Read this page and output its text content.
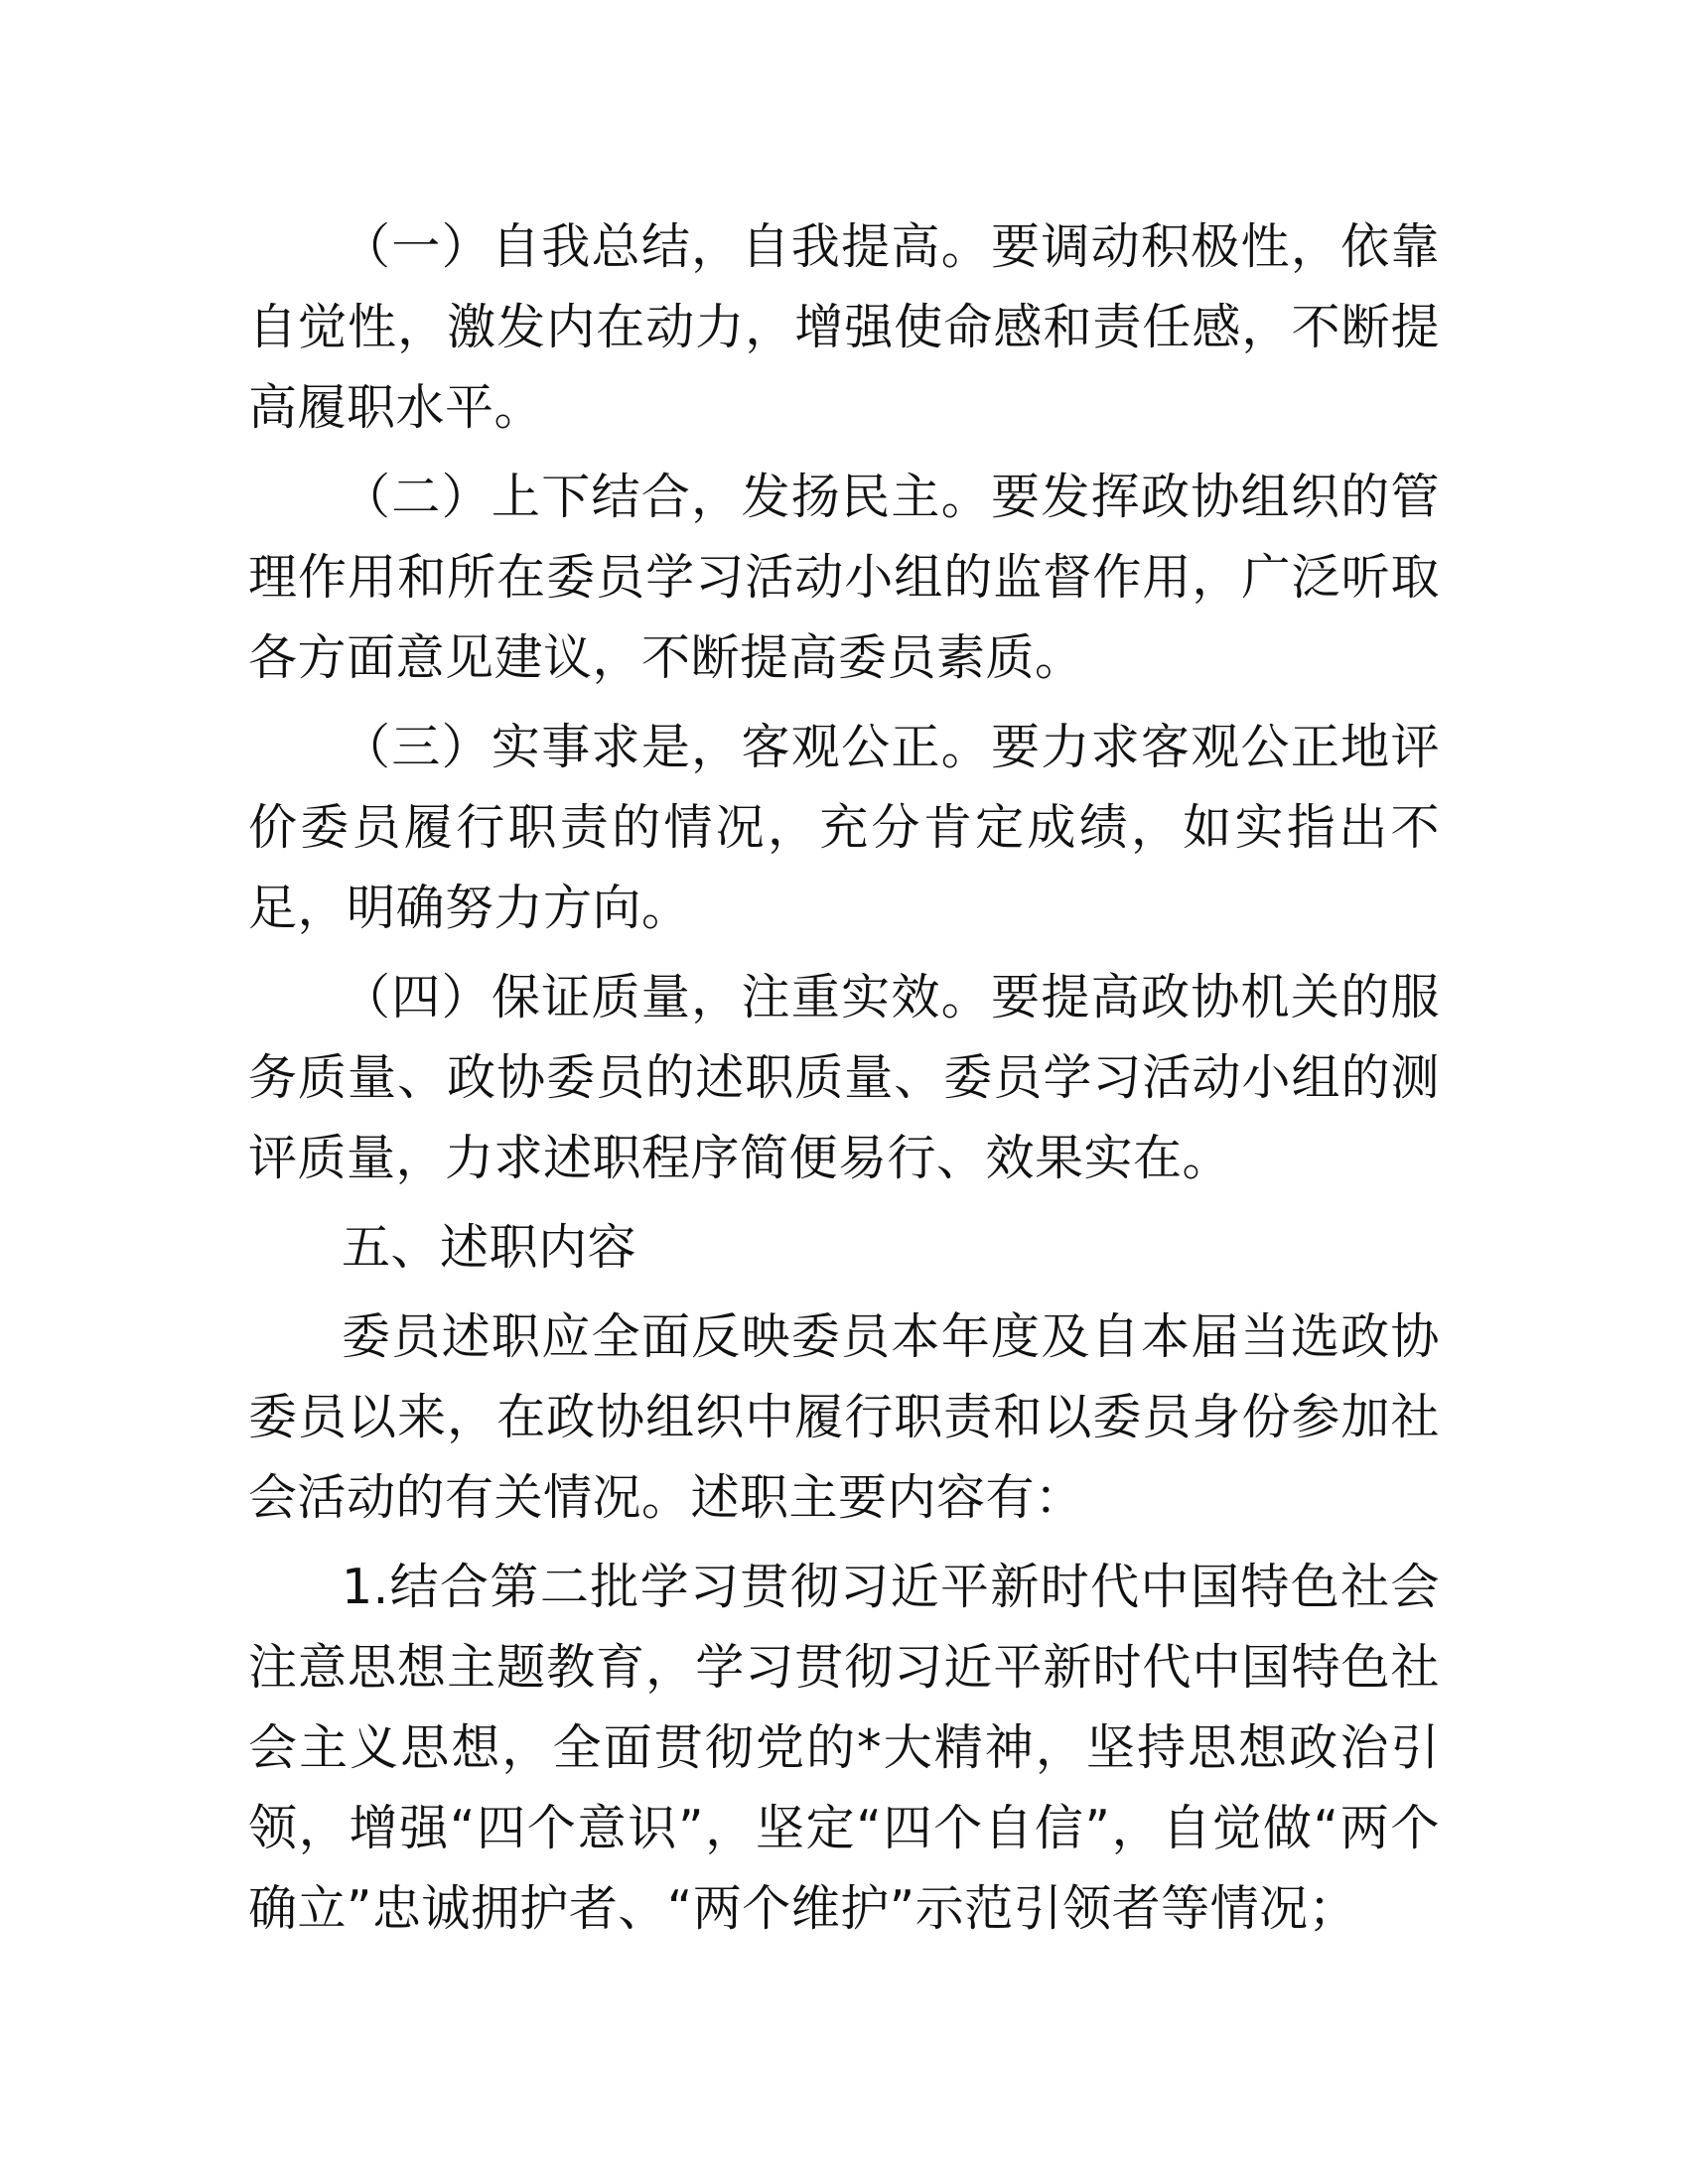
（一）自我总结，自我提高。要调动积极性，依靠自觉性，激发内在动力，增强使命感和责任感，不断提高履职水平。

（二）上下结合，发扬民主。要发挥政协组织的管理作用和所在委员学习活动小组的监督作用，广泛听取各方面意见建议，不断提高委员素质。

（三）实事求是，客观公正。要力求客观公正地评价委员履行职责的情况，充分肯定成绩，如实指出不足，明确努力方向。

（四）保证质量，注重实效。要提高政协机关的服务质量、政协委员的述职质量、委员学习活动小组的测评质量，力求述职程序简便易行、效果实在。

五、述职内容

委员述职应全面反映委员本年度及自本届当选政协委员以来，在政协组织中履行职责和以委员身份参加社会活动的有关情况。述职主要内容有：

1.结合第二批学习贯彻习近平新时代中国特色社会注意思想主题教育，学习贯彻习近平新时代中国特色社会主义思想，全面贯彻党的*大精神，坚持思想政治引领，增强“四个意识”，坚定“四个自信”，自觉做“两个确立”忠诚拥护者、“两个维护”示范引领者等情况；
